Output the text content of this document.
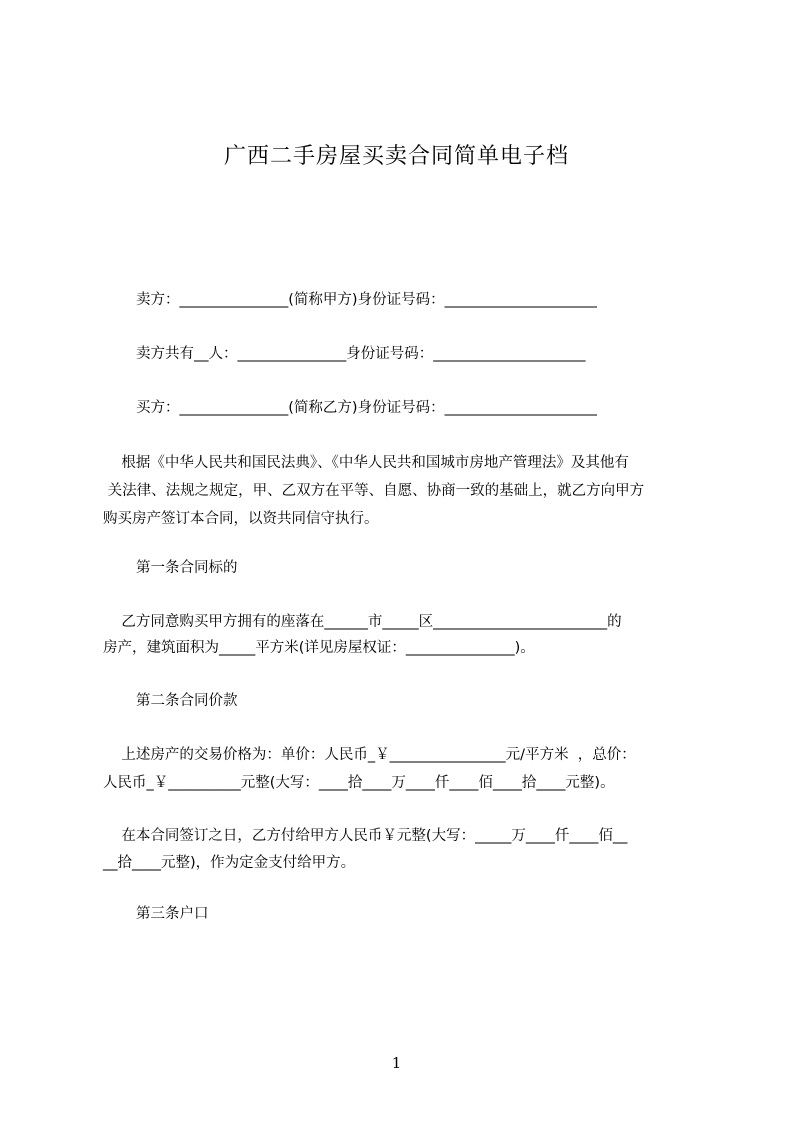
广西二手房屋买卖合同简单电子档
卖方：_______________(简称甲方)身份证号码：_____________________
卖方共有__人：_______________身份证号码：_____________________
买方：_______________(简称乙方)身份证号码：_____________________
根据《中华人民共和国民法典》、《中华人民共和国城市房地产管理法》及其他有
关法律、法规之规定，甲、乙双方在平等、自愿、协商一致的基础上，就乙方向甲方
购买房产签订本合同，以资共同信守执行。
第一条合同标的
乙方同意购买甲方拥有的座落在______市_____区________________________的
房产，建筑面积为_____平方米(详见房屋权证：_______________)。
第二条合同价款
上述房产的交易价格为：单价：人民币_￥________________元/平方米  ，总价：
人民币_￥__________元整(大写：____拾____万____仟____佰____拾____元整)。
在本合同签订之日，乙方付给甲方人民币￥元整(大写：_____万____仟____佰__
__拾____元整)，作为定金支付给甲方。
第三条户口
1
